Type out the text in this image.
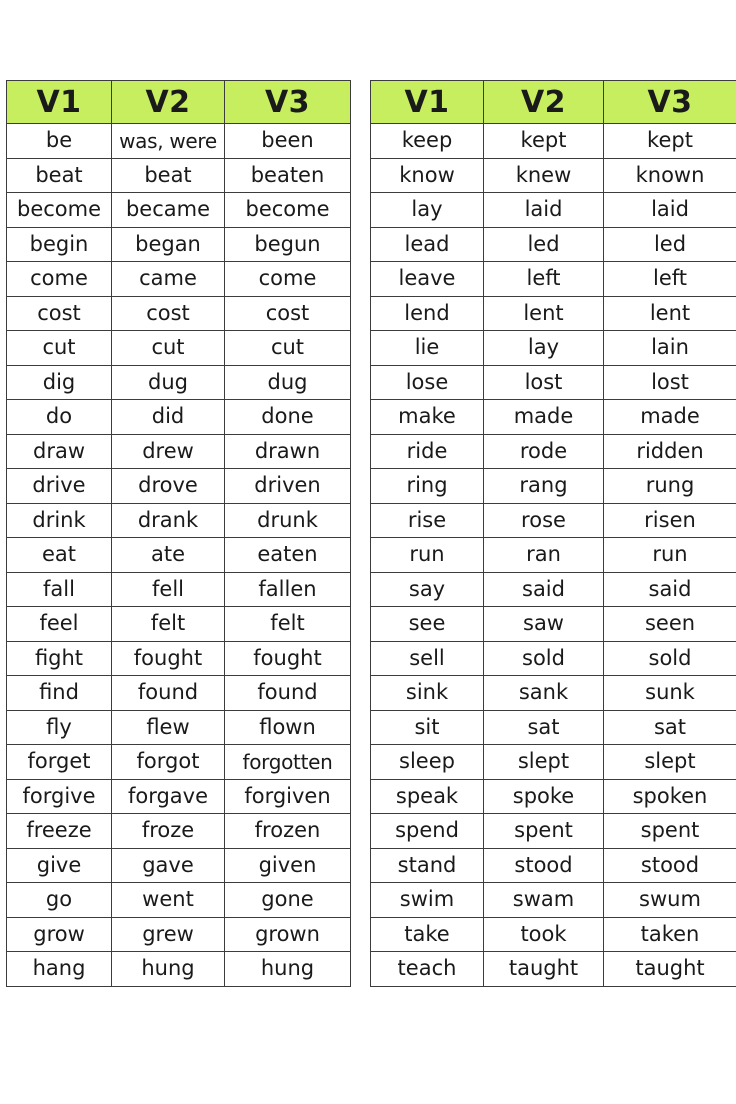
V1	V2	V3
be	was, were	been
beat	beat	beaten
become	became	become
begin	began	begun
come	came	come
cost	cost	cost
cut	cut	cut
dig	dug	dug
do	did	done
draw	drew	drawn
drive	drove	driven
drink	drank	drunk
eat	ate	eaten
fall	fell	fallen
feel	felt	felt
fight	fought	fought
find	found	found
fly	flew	flown
forget	forgot	forgotten
forgive	forgave	forgiven
freeze	froze	frozen
give	gave	given
go	went	gone
grow	grew	grown
hang	hung	hung
V1	V2	V3
keep	kept	kept
know	knew	known
lay	laid	laid
lead	led	led
leave	left	left
lend	lent	lent
lie	lay	lain
lose	lost	lost
make	made	made
ride	rode	ridden
ring	rang	rung
rise	rose	risen
run	ran	run
say	said	said
see	saw	seen
sell	sold	sold
sink	sank	sunk
sit	sat	sat
sleep	slept	slept
speak	spoke	spoken
spend	spent	spent
stand	stood	stood
swim	swam	swum
take	took	taken
teach	taught	taught
